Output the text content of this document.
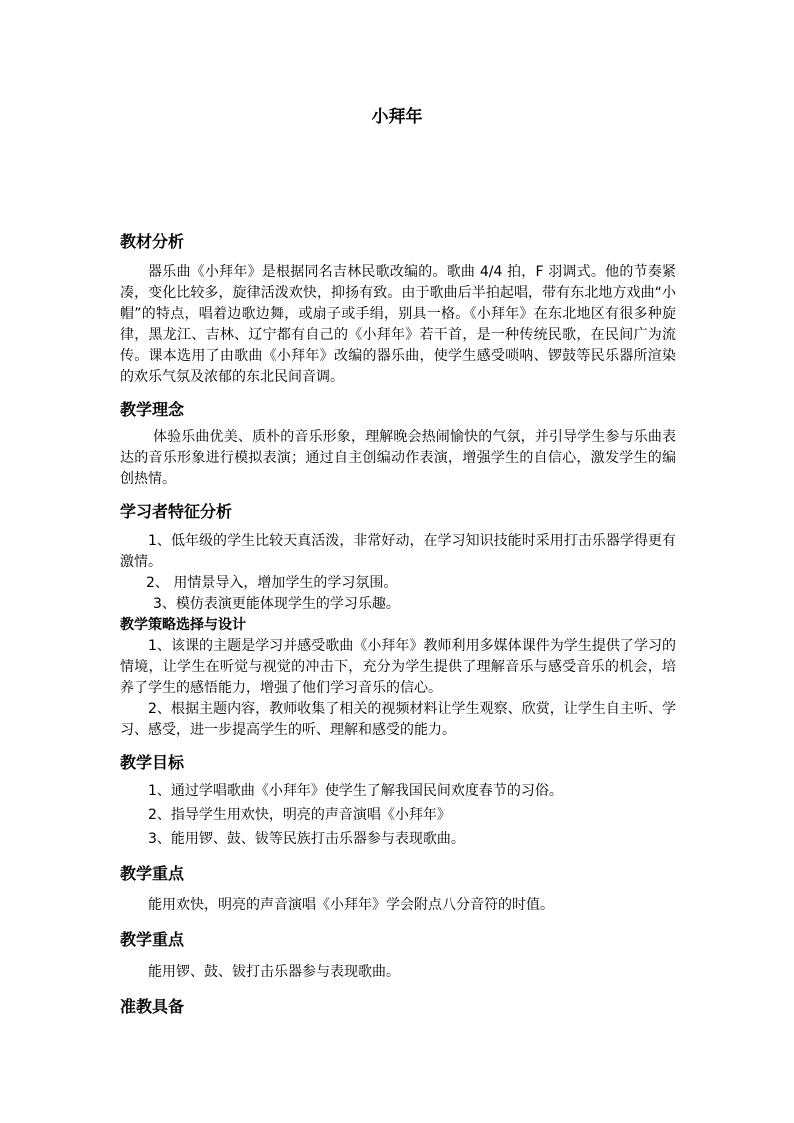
小拜年
教材分析

器乐曲《小拜年》是根据同名吉林民歌改编的。歌曲 4/4 拍，F 羽调式。他的节奏紧凑，变化比较多，旋律活泼欢快，抑扬有致。由于歌曲后半拍起唱，带有东北地方戏曲“小帽”的特点，唱着边歌边舞，或扇子或手绢，别具一格。《小拜年》在东北地区有很多种旋律，黑龙江、吉林、辽宁都有自己的《小拜年》若干首，是一种传统民歌，在民间广为流传。课本选用了由歌曲《小拜年》改编的器乐曲，使学生感受唢呐、锣鼓等民乐器所渲染的欢乐气氛及浓郁的东北民间音调。

教学理念

体验乐曲优美、质朴的音乐形象，理解晚会热闹愉快的气氛，并引导学生参与乐曲表达的音乐形象进行模拟表演；通过自主创编动作表演，增强学生的自信心，激发学生的编创热情。

学习者特征分析

1、低年级的学生比较天真活泼，非常好动，在学习知识技能时采用打击乐器学得更有激情。

2、 用情景导入，增加学生的学习氛围。

3、模仿表演更能体现学生的学习乐趣。

教学策略选择与设计

1、该课的主题是学习并感受歌曲《小拜年》教师利用多媒体课件为学生提供了学习的情境，让学生在听觉与视觉的冲击下，充分为学生提供了理解音乐与感受音乐的机会，培养了学生的感悟能力，增强了他们学习音乐的信心。

2、根据主题内容，教师收集了相关的视频材料让学生观察、欣赏，让学生自主听、学习、感受，进一步提高学生的听、理解和感受的能力。

教学目标

1、通过学唱歌曲《小拜年》使学生了解我国民间欢度春节的习俗。

2、指导学生用欢快，明亮的声音演唱《小拜年》

3、能用锣、鼓、钹等民族打击乐器参与表现歌曲。

教学重点

能用欢快，明亮的声音演唱《小拜年》学会附点八分音符的时值。

教学重点

能用锣、鼓、钹打击乐器参与表现歌曲。

准教具备
